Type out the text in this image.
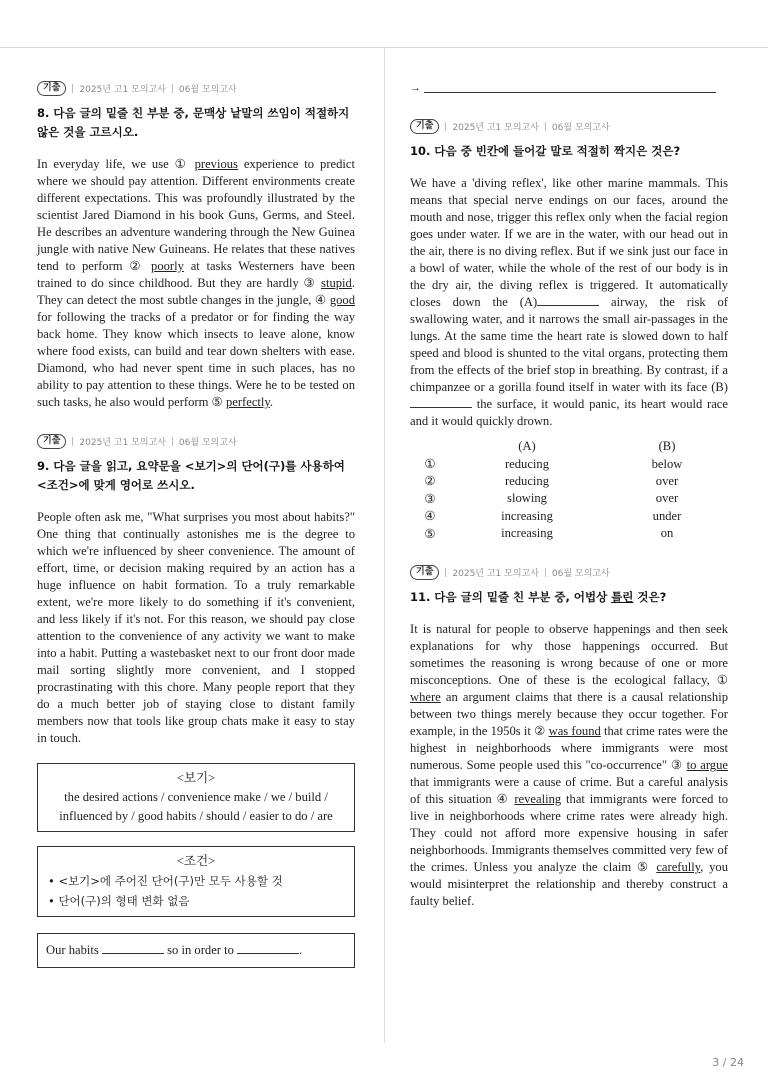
기출	2025년 고1 모의고사 06월 모의고사
8. 다음 글의 밑줄 친 부분 중, 문맥상 낱말의 쓰임이 적절하지 않은 것을 고르시오.

In everyday life, we use ① previous experience to predict where we should pay attention. Different environments create different expectations. This was profoundly illustrated by the scientist Jared Diamond in his book Guns, Germs, and Steel. He describes an adventure wandering through the New Guinea jungle with native New Guineans. He relates that these natives tend to perform ② poorly at tasks Westerners have been trained to do since childhood. But they are hardly ③ stupid. They can detect the most subtle changes in the jungle, ④ good for following the tracks of a predator or for finding the way back home. They know which insects to leave alone, know where food exists, can build and tear down shelters with ease. Diamond, who had never spent time in such places, has no ability to pay attention to these things. Were he to be tested on such tasks, he also would perform ⑤ perfectly.

기출	2025년 고1 모의고사 06월 모의고사
9. 다음 글을 읽고, 요약문을 <보기>의 단어(구)를 사용하여 <조건>에 맞게 영어로 쓰시오.

People often ask me, "What surprises you most about habits?" One thing that continually astonishes me is the degree to which we're influenced by sheer convenience. The amount of effort, time, or decision making required by an action has a huge influence on habit formation. To a truly remarkable extent, we're more likely to do something if it's convenient, and less likely if it's not. For this reason, we should pay close attention to the convenience of any activity we want to make into a habit. Putting a wastebasket next to our front door made mail sorting slightly more convenient, and I stopped procrastinating with this chore. Many people report that they do a much better job of staying close to distant family members now that tools like group chats make it easy to stay in touch.

<보기>
the desired actions / convenience make / we / build / influenced by / good habits / should / easier to do / are
<조건>
• <보기>에 주어진 단어(구)만 모두 사용할 것
• 단어(구)의 형태 변화 없음
Our habits	so in order to	.
→
기출	2025년 고1 모의고사 06월 모의고사
10. 다음 중 빈칸에 들어갈 말로 적절히 짝지은 것은?

We have a 'diving reflex', like other marine mammals. This means that special nerve endings on our faces, around the mouth and nose, trigger this reflex only when the facial region goes under water. If we are in the water, with our head out in the air, there is no diving reflex. But if we sink just our face in a bowl of water, while the whole of the rest of our body is in the dry air, the diving reflex is triggered. It automatically closes down the (A)	airway, the risk of swallowing water, and it narrows the small air-passages in the lungs. At the same time the heart rate is slowed down to half speed and blood is shunted to the vital organs, protecting them from the effects of the brief stop in breathing. By contrast, if a chimpanzee or a gorilla found itself in water with its face (B) the surface, it would panic, its heart would race and it would quickly drown.

	(A)	(B)
①	reducing	below
②	reducing	over
③	slowing	over
④	increasing	under
⑤	increasing	on
기출	2025년 고1 모의고사 06월 모의고사
11. 다음 글의 밑줄 친 부분 중, 어법상 틀린 것은?

It is natural for people to observe happenings and then seek explanations for why those happenings occurred. But sometimes the reasoning is wrong because of one or more misconceptions. One of these is the ecological fallacy, ① where an argument claims that there is a causal relationship between two things merely because they occur together. For example, in the 1950s it ② was found that crime rates were the highest in neighborhoods where immigrants were most numerous. Some people used this "co-occurrence" ③ to argue that immigrants were a cause of crime. But a careful analysis of this situation ④ revealing that immigrants were forced to live in neighborhoods where crime rates were already high. They could not afford more expensive housing in safer neighborhoods. Immigrants themselves committed very few of the crimes. Unless you analyze the claim ⑤ carefully, you would misinterpret the relationship and thereby construct a faulty belief.

3 / 24
